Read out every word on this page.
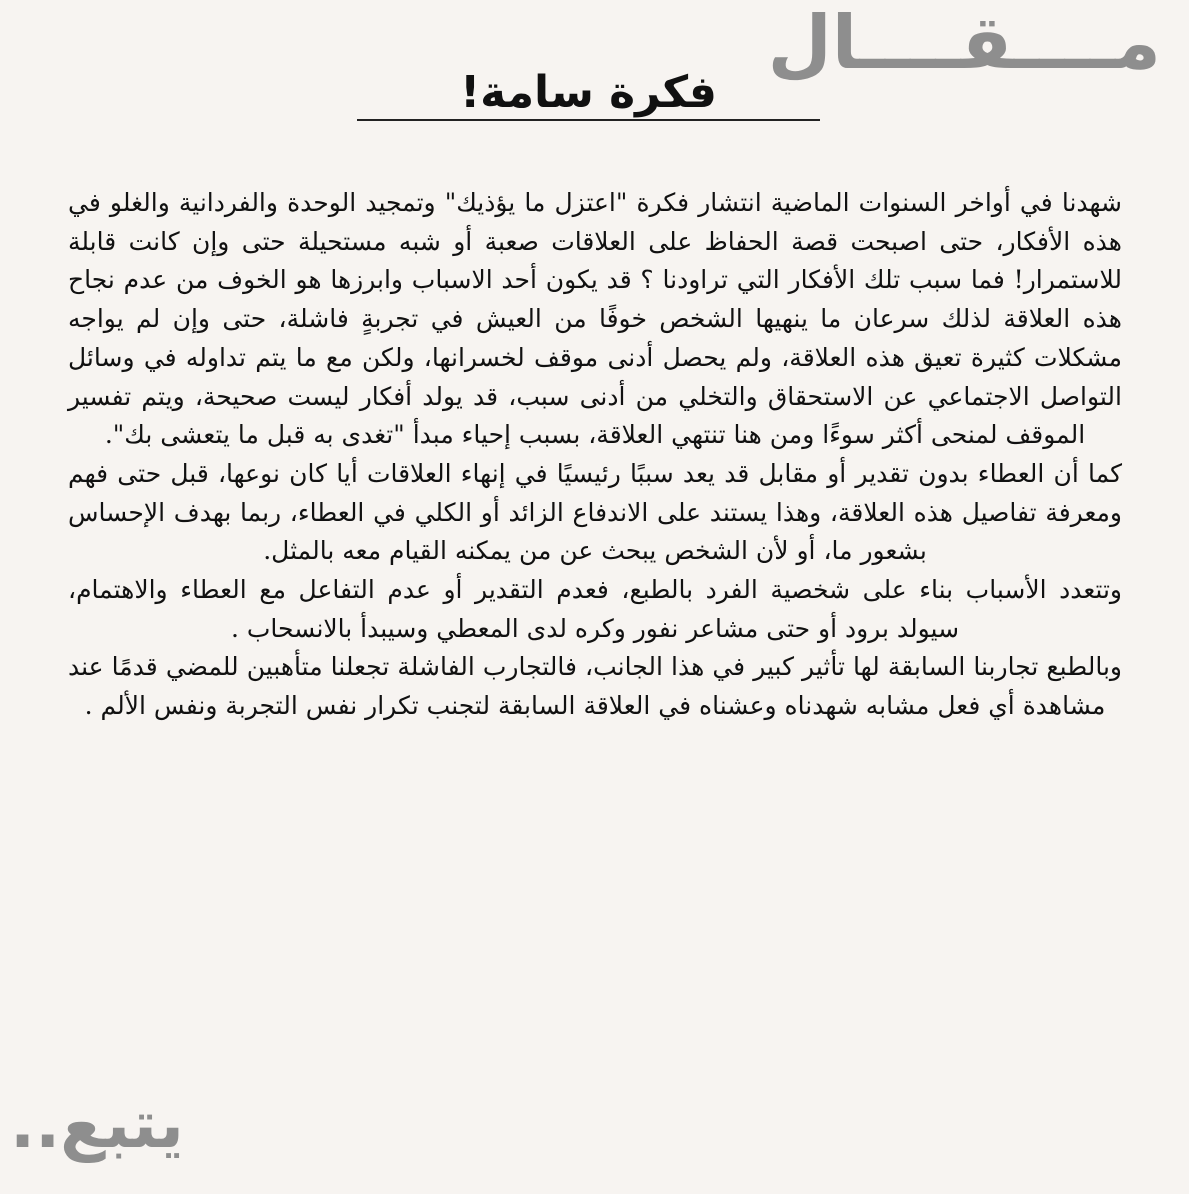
مــــقــــال
فكرة سامة!

شهدنا في أواخر السنوات الماضية انتشار فكرة "اعتزل ما يؤذيك" وتمجيد الوحدة والفردانية والغلو في هذه الأفكار، حتى اصبحت قصة الحفاظ على العلاقات صعبة أو شبه مستحيلة حتى وإن كانت قابلة للاستمرار! فما سبب تلك الأفكار التي تراودنا ؟ قد يكون أحد الاسباب وابرزها هو الخوف من عدم نجاح هذه العلاقة لذلك سرعان ما ينهيها الشخص خوفًا من العيش في تجربةٍ فاشلة، حتى وإن لم يواجه مشكلات كثيرة تعيق هذه العلاقة، ولم يحصل أدنى موقف لخسرانها، ولكن مع ما يتم تداوله في وسائل التواصل الاجتماعي عن الاستحقاق والتخلي من أدنى سبب، قد يولد أفكار ليست صحيحة، ويتم تفسير الموقف لمنحى أكثر سوءًا ومن هنا تنتهي العلاقة، بسبب إحياء مبدأ "تغدى به قبل ما يتعشى بك".

كما أن العطاء بدون تقدير أو مقابل قد يعد سببًا رئيسيًا في إنهاء العلاقات أيا كان نوعها، قبل حتى فهم ومعرفة تفاصيل هذه العلاقة، وهذا يستند على الاندفاع الزائد أو الكلي في العطاء، ربما بهدف الإحساس بشعور ما، أو لأن الشخص يبحث عن من يمكنه القيام معه بالمثل.

وتتعدد الأسباب بناء على شخصية الفرد بالطبع، فعدم التقدير أو عدم التفاعل مع العطاء والاهتمام، سيولد برود أو حتى مشاعر نفور وكره لدى المعطي وسيبدأ بالانسحاب .

وبالطبع تجاربنا السابقة لها تأثير كبير في هذا الجانب، فالتجارب الفاشلة تجعلنا متأهبين للمضي قدمًا عند مشاهدة أي فعل مشابه شهدناه وعشناه في العلاقة السابقة لتجنب تكرار نفس التجربة ونفس الألم .

يتبع..
